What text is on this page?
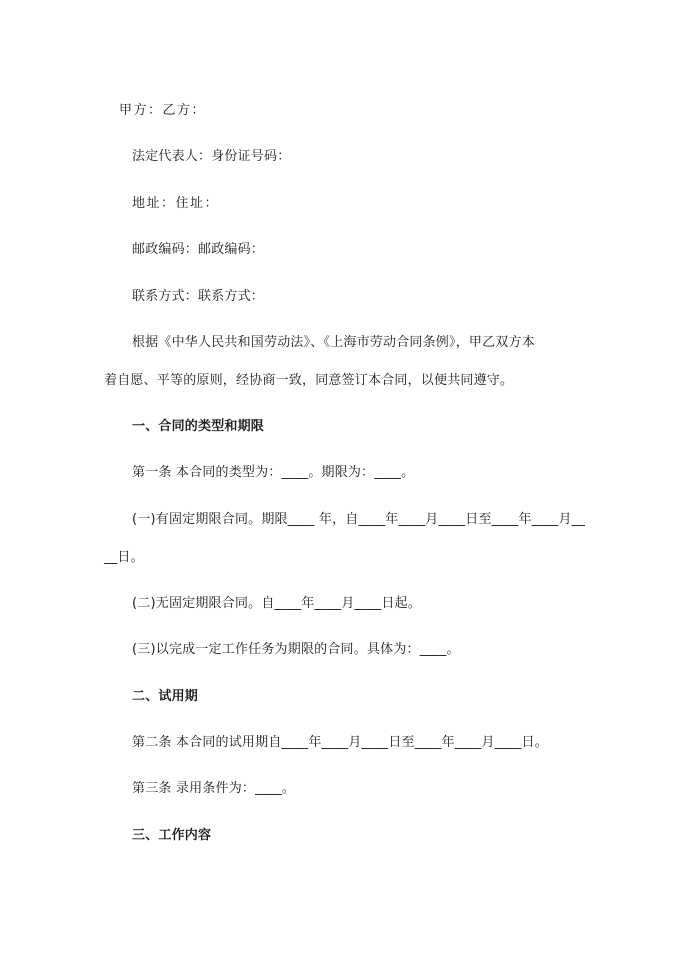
甲方：乙方：
法定代表人：身份证号码：
地址：住址：
邮政编码：邮政编码：
联系方式：联系方式：
根据《中华人民共和国劳动法》、《上海市劳动合同条例》，甲乙双方本
着自愿、平等的原则，经协商一致，同意签订本合同，以便共同遵守。
一、合同的类型和期限
第一条 本合同的类型为：____。期限为：____。
(一)有固定期限合同。期限____ 年，自____年____月____日至____年____月__
__日。
(二)无固定期限合同。自____年____月____日起。
(三)以完成一定工作任务为期限的合同。具体为：____。
二、试用期
第二条 本合同的试用期自____年____月____日至____年____月____日。
第三条 录用条件为：____。
三、工作内容
